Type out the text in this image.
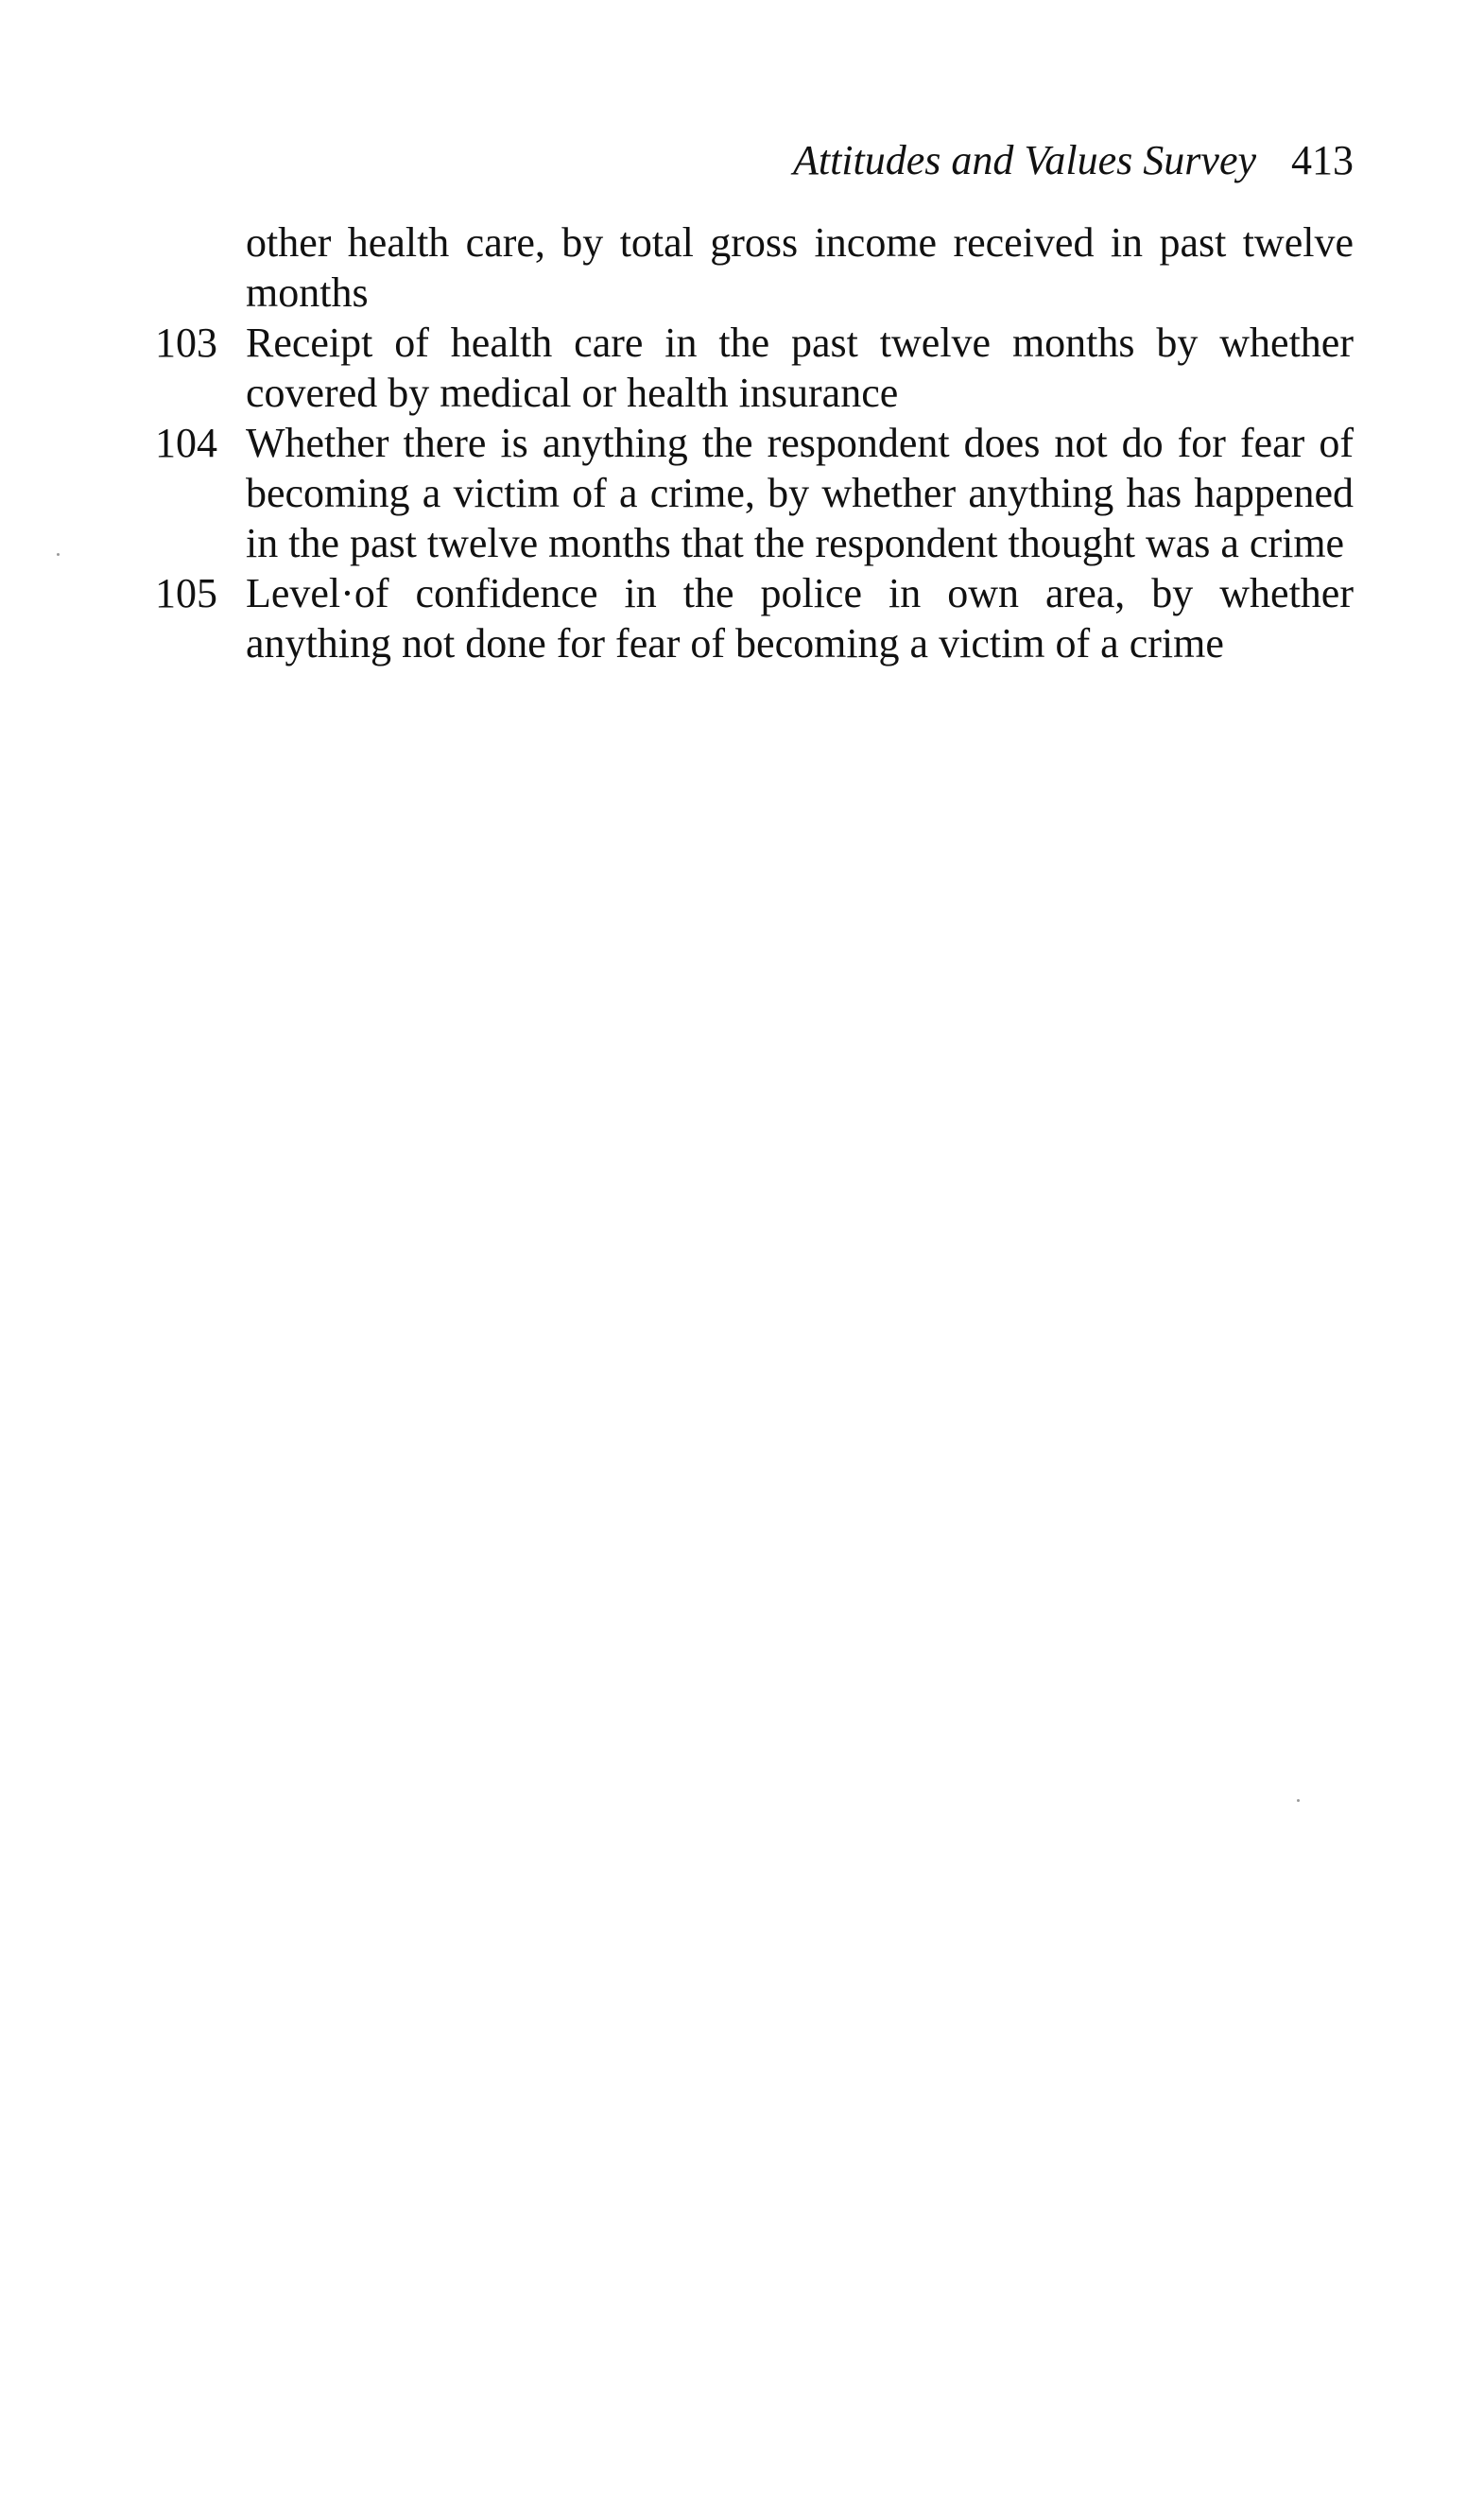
Attitudes and Values Survey 413
other health care, by total gross income received in past twelve months
103 Receipt of health care in the past twelve months by whether covered by medical or health insurance
104 Whether there is anything the respondent does not do for fear of becoming a victim of a crime, by whether anything has happened in the past twelve months that the respondent thought was a crime
105 Level·of confidence in the police in own area, by whether anything not done for fear of becoming a victim of a crime
